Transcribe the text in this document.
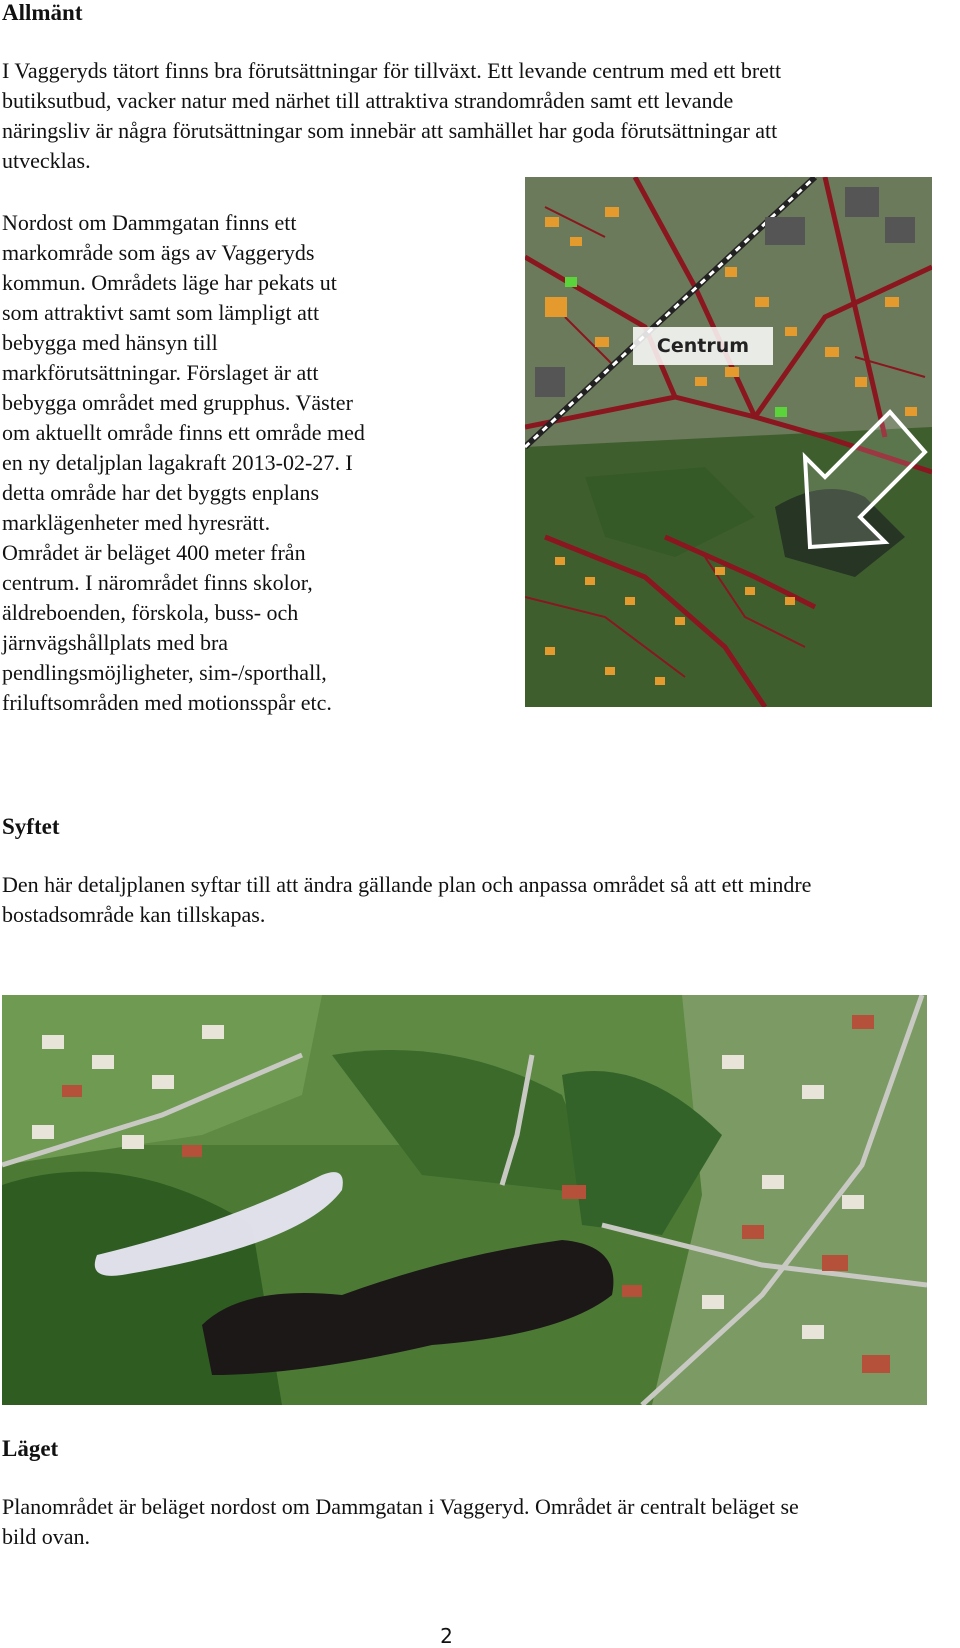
Allmänt
I Vaggeryds tätort finns bra förutsättningar för tillväxt. Ett levande centrum med ett brett
butiksutbud, vacker natur med närhet till attraktiva strandområden samt ett levande
näringsliv är några förutsättningar som innebär att samhället har goda förutsättningar att
utvecklas.
Nordost om Dammgatan finns ett
markområde som ägs av Vaggeryds
kommun. Områdets läge har pekats ut
som attraktivt samt som lämpligt att
bebygga med hänsyn till
markförutsättningar. Förslaget är att
bebygga området med grupphus. Väster
om aktuellt område finns ett område med
en ny detaljplan lagakraft 2013-02-27. I
detta område har det byggts enplans
marklägenheter med hyresrätt.
Området är beläget 400 meter från
centrum. I närområdet finns skolor,
äldreboenden, förskola, buss- och
järnvägshållplats med bra
pendlingsmöjligheter, sim-/sporthall,
friluftsområden med motionsspår etc.
Centrum
Syftet
Den här detaljplanen syftar till att ändra gällande plan och anpassa området så att ett mindre
bostadsområde kan tillskapas.
Läget
Planområdet är beläget nordost om Dammgatan i Vaggeryd. Området är centralt beläget se
bild ovan.
2
